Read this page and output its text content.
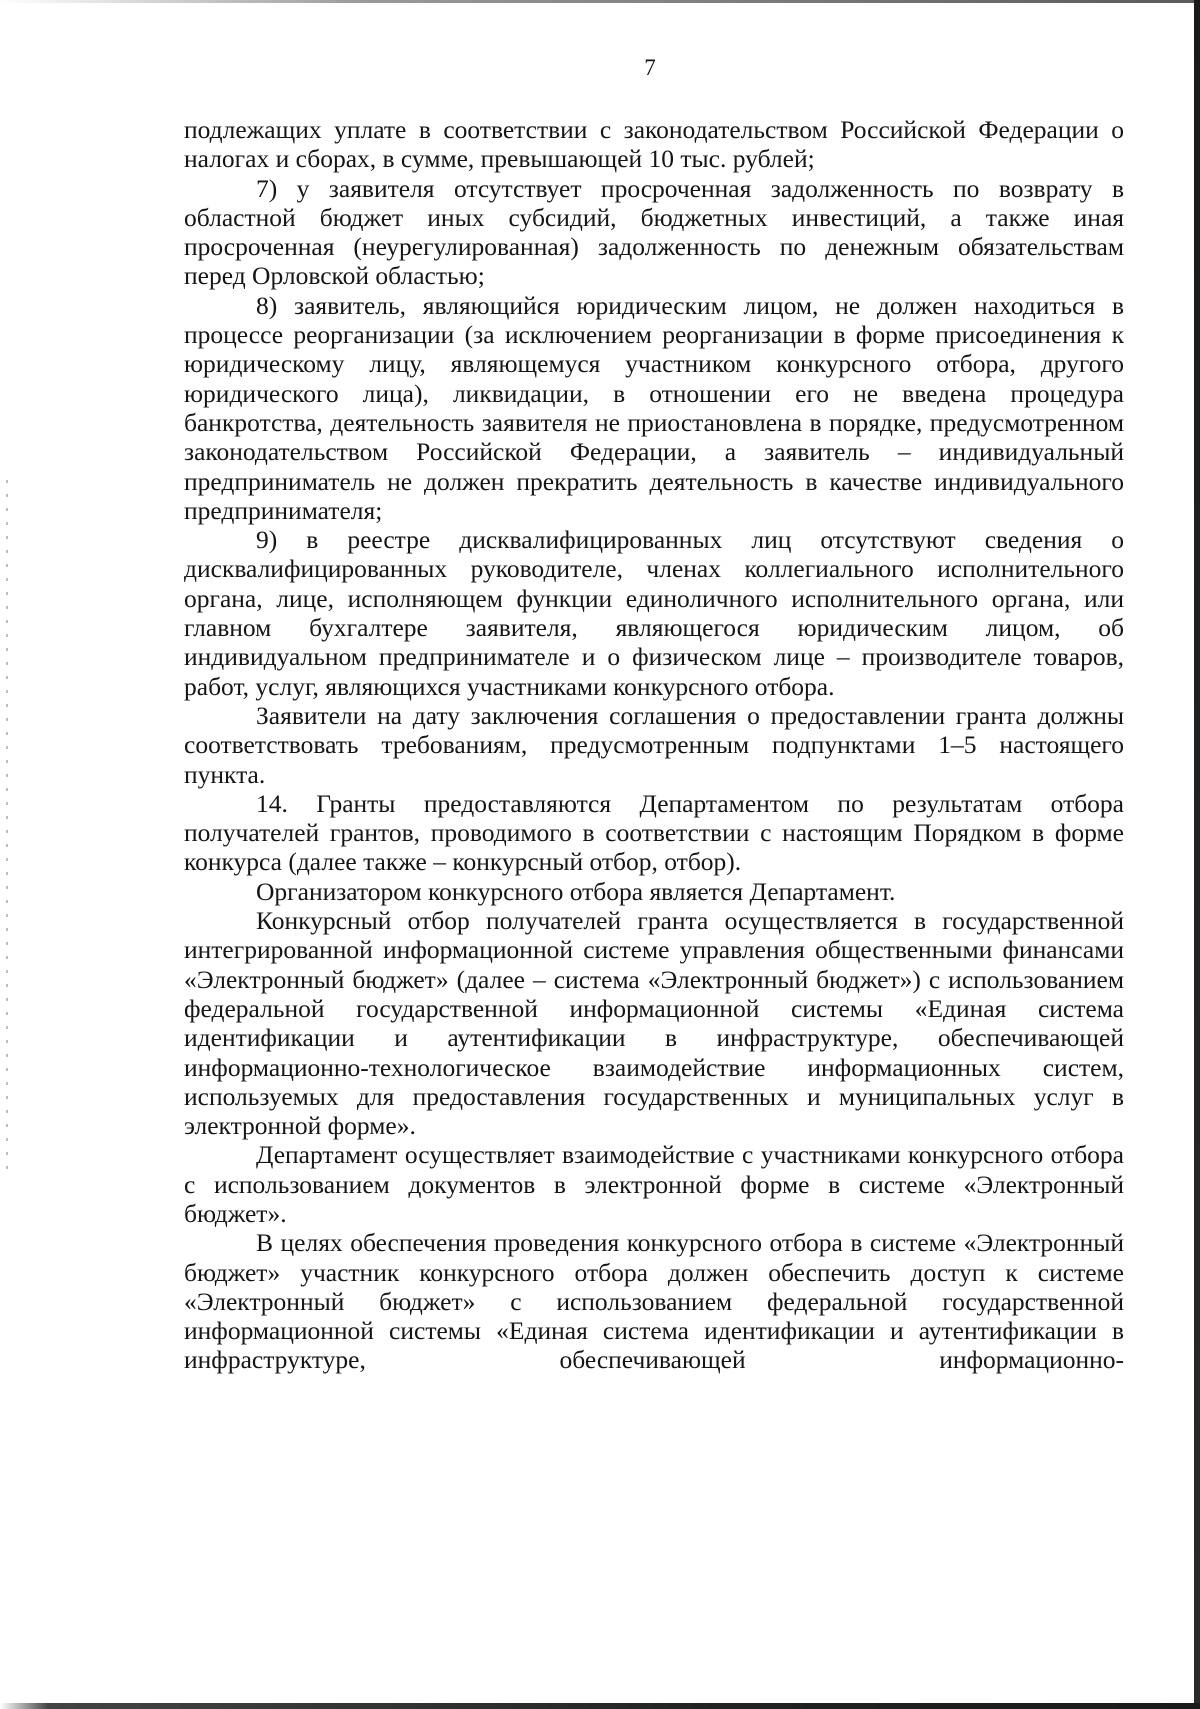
7

подлежащих уплате в соответствии с законодательством Российской Федерации о налогах и сборах, в сумме, превышающей 10 тыс. рублей;

7) у заявителя отсутствует просроченная задолженность по возврату в областной бюджет иных субсидий, бюджетных инвестиций, а также иная просроченная (неурегулированная) задолженность по денежным обязательствам перед Орловской областью;

8) заявитель, являющийся юридическим лицом, не должен находиться в процессе реорганизации (за исключением реорганизации в форме присоединения к юридическому лицу, являющемуся участником конкурсного отбора, другого юридического лица), ликвидации, в отношении его не введена процедура банкротства, деятельность заявителя не приостановлена в порядке, предусмотренном законодательством Российской Федерации, а заявитель – индивидуальный предприниматель не должен прекратить деятельность в качестве индивидуального предпринимателя;

9) в реестре дисквалифицированных лиц отсутствуют сведения о дисквалифицированных руководителе, членах коллегиального исполнительного органа, лице, исполняющем функции единоличного исполнительного органа, или главном бухгалтере заявителя, являющегося юридическим лицом, об индивидуальном предпринимателе и о физическом лице – производителе товаров, работ, услуг, являющихся участниками конкурсного отбора.

Заявители на дату заключения соглашения о предоставлении гранта должны соответствовать требованиям, предусмотренным подпунктами 1–5 настоящего пункта.

14. Гранты предоставляются Департаментом по результатам отбора получателей грантов, проводимого в соответствии с настоящим Порядком в форме конкурса (далее также – конкурсный отбор, отбор).

Организатором конкурсного отбора является Департамент.

Конкурсный отбор получателей гранта осуществляется в государственной интегрированной информационной системе управления общественными финансами «Электронный бюджет» (далее – система «Электронный бюджет») с использованием федеральной государственной информационной системы «Единая система идентификации и аутентификации в инфраструктуре, обеспечивающей информационно-технологическое взаимодействие информационных систем, используемых для предоставления государственных и муниципальных услуг в электронной форме».

Департамент осуществляет взаимодействие с участниками конкурсного отбора с использованием документов в электронной форме в системе «Электронный бюджет».

В целях обеспечения проведения конкурсного отбора в системе «Электронный бюджет» участник конкурсного отбора должен обеспечить доступ к системе «Электронный бюджет» с использованием федеральной государственной информационной системы «Единая система идентификации и аутентификации в инфраструктуре, обеспечивающей информационно-
